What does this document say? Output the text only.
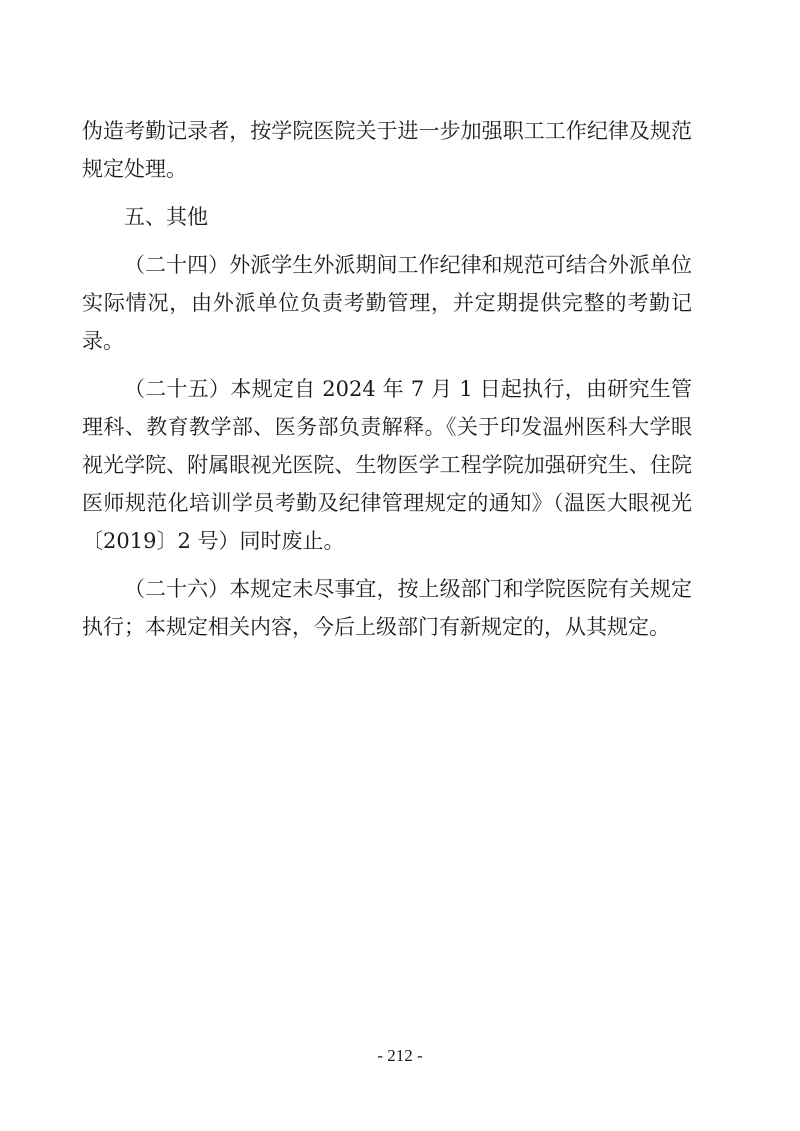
伪造考勤记录者，按学院医院关于进一步加强职工工作纪律及规范规定处理。

五、其他

（二十四）外派学生外派期间工作纪律和规范可结合外派单位实际情况，由外派单位负责考勤管理，并定期提供完整的考勤记录。

（二十五）本规定自 2024 年 7 月 1 日起执行，由研究生管理科、教育教学部、医务部负责解释。《关于印发温州医科大学眼视光学院、附属眼视光医院、生物医学工程学院加强研究生、住院医师规范化培训学员考勤及纪律管理规定的通知》（温医大眼视光〔2019〕2 号）同时废止。

（二十六）本规定未尽事宜，按上级部门和学院医院有关规定执行；本规定相关内容，今后上级部门有新规定的，从其规定。

- 212 -
